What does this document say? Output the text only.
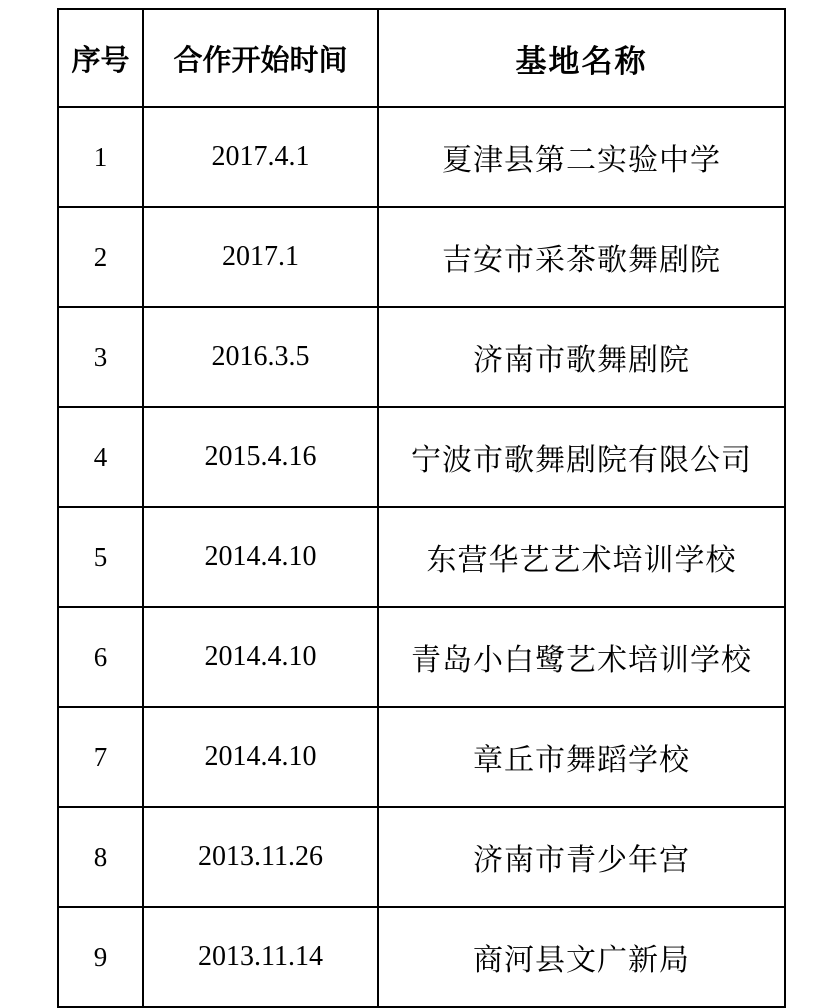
序号	合作开始时间	基地名称
1	2017.4.1	夏津县第二实验中学
2	2017.1	吉安市采茶歌舞剧院
3	2016.3.5	济南市歌舞剧院
4	2015.4.16	宁波市歌舞剧院有限公司
5	2014.4.10	东营华艺艺术培训学校
6	2014.4.10	青岛小白鹭艺术培训学校
7	2014.4.10	章丘市舞蹈学校
8	2013.11.26	济南市青少年宫
9	2013.11.14	商河县文广新局
